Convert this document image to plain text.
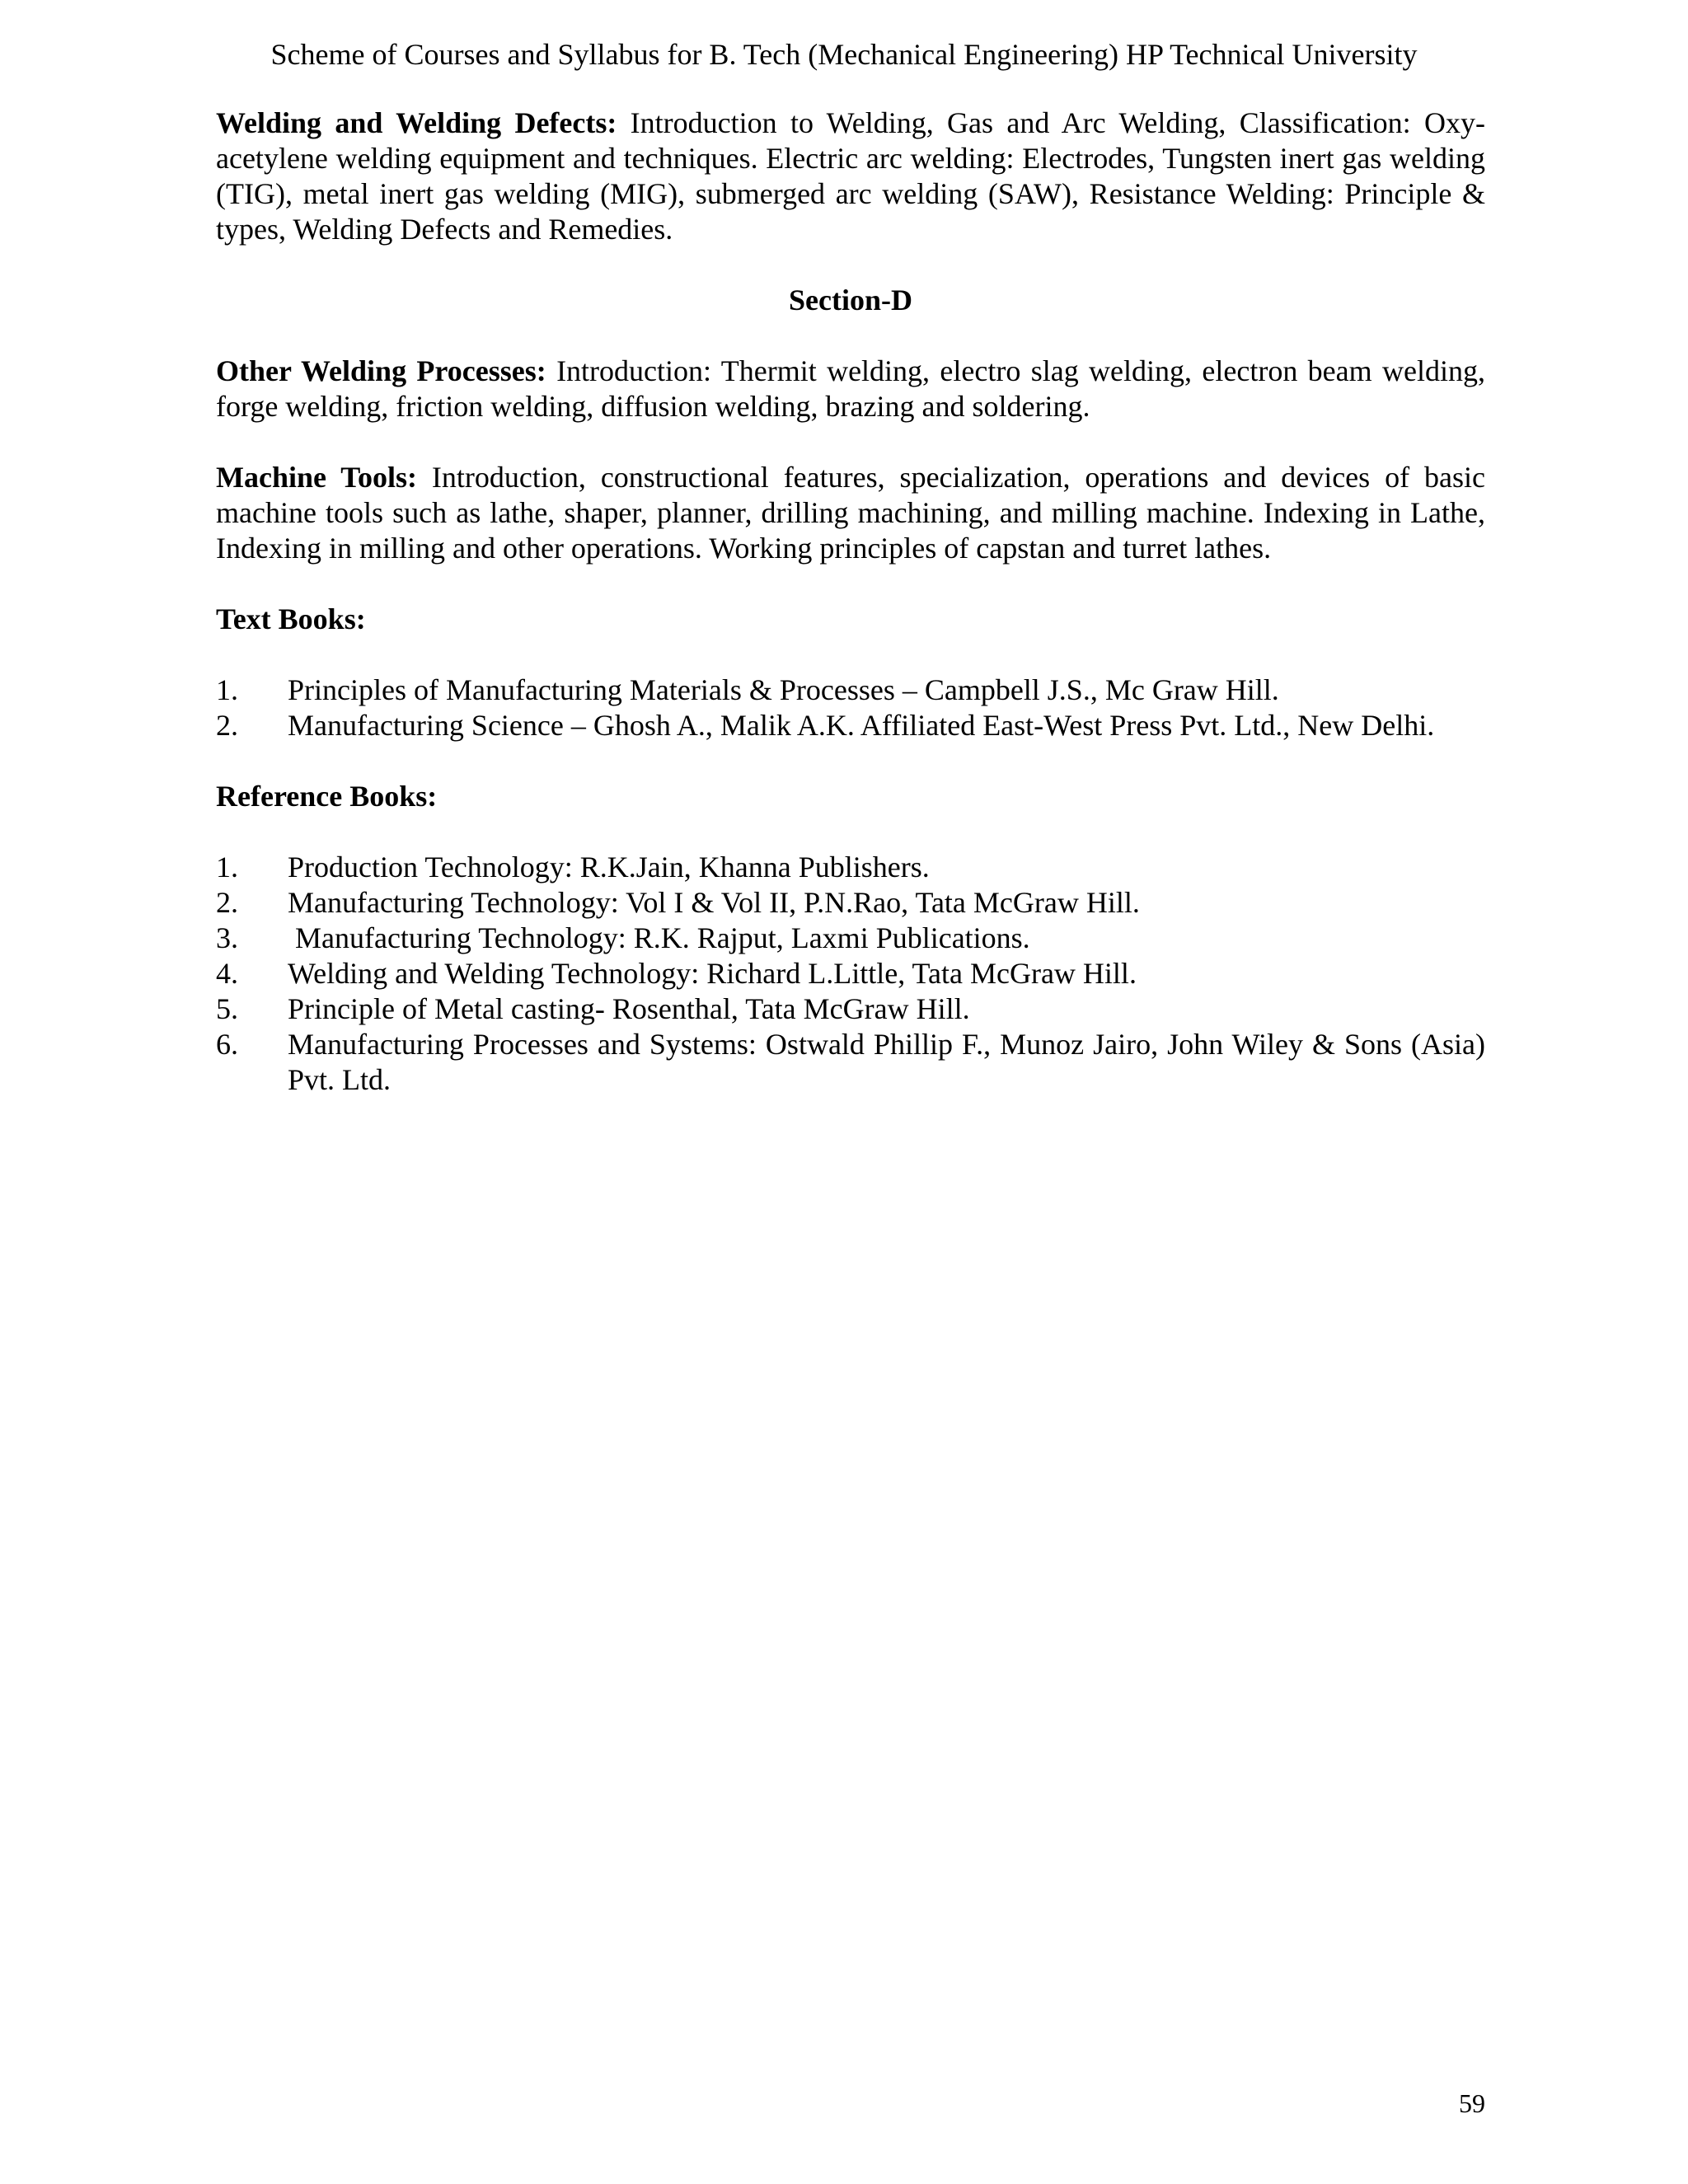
Scheme of Courses and Syllabus for B. Tech (Mechanical Engineering) HP Technical University

Welding and Welding Defects: Introduction to Welding, Gas and Arc Welding, Classification: Oxy-acetylene welding equipment and techniques. Electric arc welding: Electrodes, Tungsten inert gas welding (TIG), metal inert gas welding (MIG), submerged arc welding (SAW), Resistance Welding: Principle & types, Welding Defects and Remedies.

Section-D

Other Welding Processes: Introduction: Thermit welding, electro slag welding, electron beam welding, forge welding, friction welding, diffusion welding, brazing and soldering.

Machine Tools: Introduction, constructional features, specialization, operations and devices of basic machine tools such as lathe, shaper, planner, drilling machining, and milling machine. Indexing in Lathe, Indexing in milling and other operations. Working principles of capstan and turret lathes.

Text Books:

1. Principles of Manufacturing Materials & Processes – Campbell J.S., Mc Graw Hill.
2. Manufacturing Science – Ghosh A., Malik A.K. Affiliated East-West Press Pvt. Ltd., New Delhi.

Reference Books:

1. Production Technology: R.K.Jain, Khanna Publishers.
2. Manufacturing Technology: Vol I & Vol II, P.N.Rao, Tata McGraw Hill.
3. Manufacturing Technology: R.K. Rajput, Laxmi Publications.
4. Welding and Welding Technology: Richard L.Little, Tata McGraw Hill.
5. Principle of Metal casting- Rosenthal, Tata McGraw Hill.
6. Manufacturing Processes and Systems: Ostwald Phillip F., Munoz Jairo, John Wiley & Sons (Asia) Pvt. Ltd.
59
